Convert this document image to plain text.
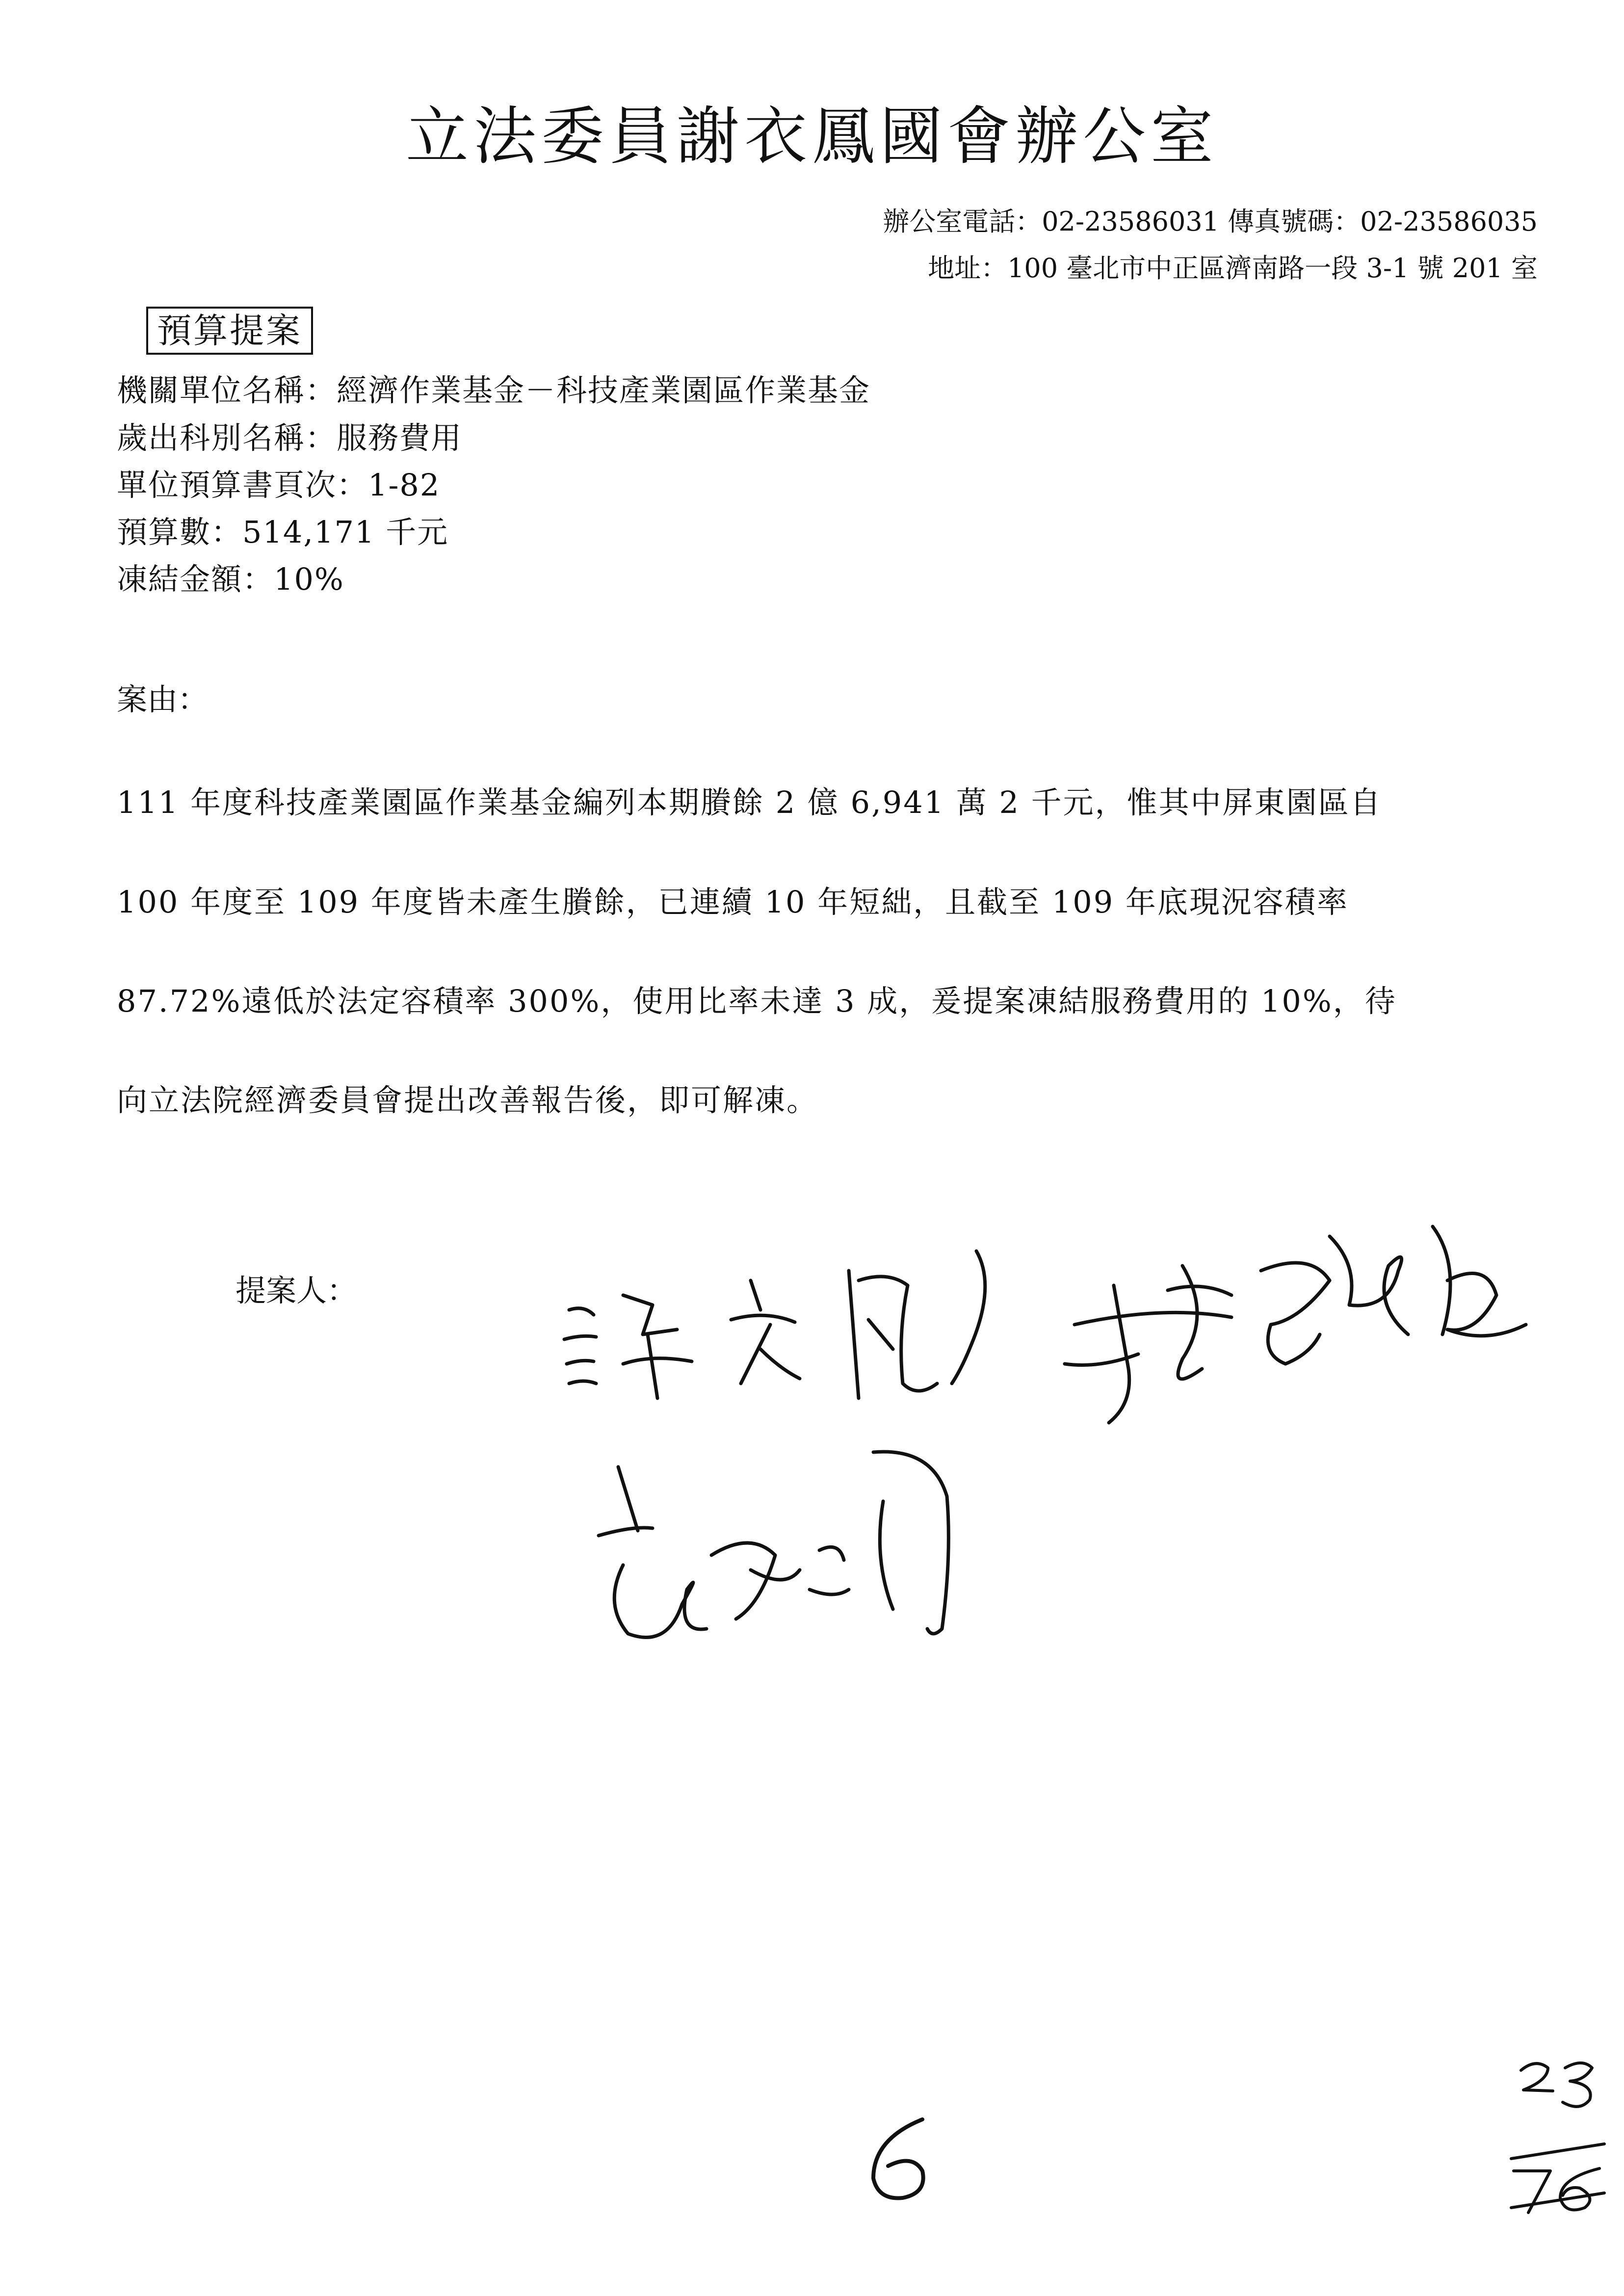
立法委員謝衣鳳國會辦公室
辦公室電話：02-23586031 傳真號碼：02-23586035
地址：100 臺北市中正區濟南路一段 3-1 號 201 室
預算提案
機關單位名稱：經濟作業基金－科技產業園區作業基金
歲出科別名稱：服務費用
單位預算書頁次：1-82
預算數：514,171 千元
凍結金額：10%
案由：
111 年度科技產業園區作業基金編列本期賸餘 2 億 6,941 萬 2 千元，惟其中屏東園區自
100 年度至 109 年度皆未產生賸餘，已連續 10 年短絀，且截至 109 年底現況容積率
87.72%遠低於法定容積率 300%，使用比率未達 3 成，爰提案凍結服務費用的 10%，待
向立法院經濟委員會提出改善報告後，即可解凍。
提案人：
